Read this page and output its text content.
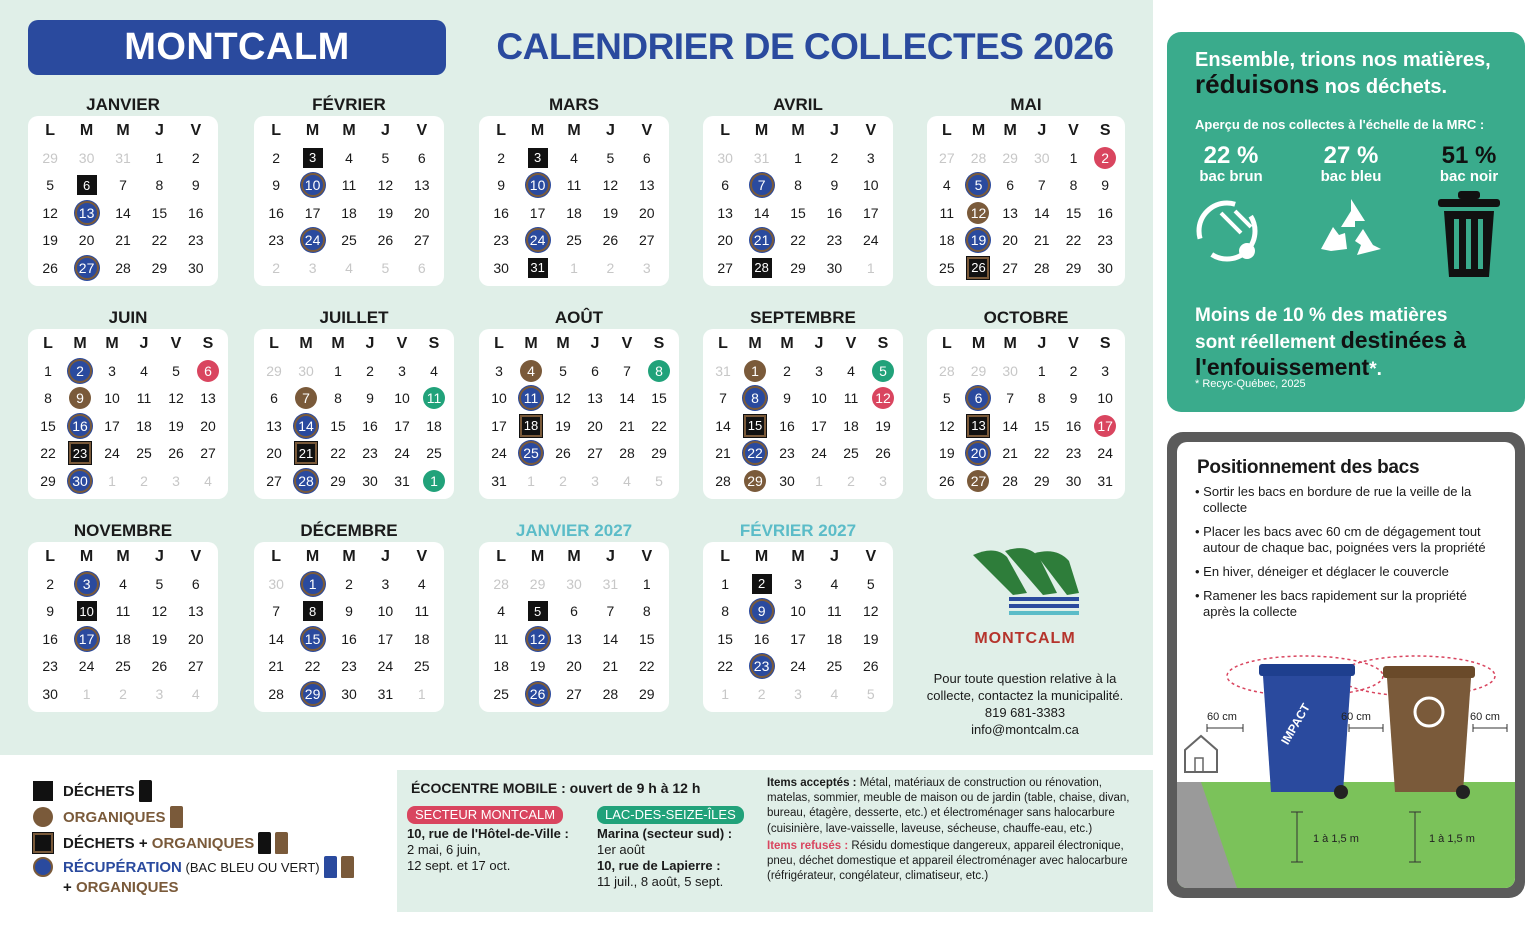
MONTCALM	CALENDRIER DE COLLECTES 2026
JANVIER
L	M	M	J	V
29	30	31	1	2
5	6	7	8	9
12	13	14	15	16
19	20	21	22	23
26	27	28	29	30
FÉVRIER
L	M	M	J	V
2	3	4	5	6
9	10	11	12	13
16	17	18	19	20
23	24	25	26	27
2	3	4	5	6
MARS
L	M	M	J	V
2	3	4	5	6
9	10	11	12	13
16	17	18	19	20
23	24	25	26	27
30	31	1	2	3
AVRIL
L	M	M	J	V
30	31	1	2	3
6	7	8	9	10
13	14	15	16	17
20	21	22	23	24
27	28	29	30	1
MAI
L	M	M	J	V	S
27	28	29	30	1	2
4	5	6	7	8	9
11	12	13	14	15	16
18	19	20	21	22	23
25	26	27	28	29	30
JUIN
L	M	M	J	V	S
1	2	3	4	5	6
8	9	10	11	12	13
15	16	17	18	19	20
22	23	24	25	26	27
29	30	1	2	3	4
JUILLET
L	M	M	J	V	S
29	30	1	2	3	4
6	7	8	9	10	11
13	14	15	16	17	18
20	21	22	23	24	25
27	28	29	30	31	1
AOÛT
L	M	M	J	V	S
3	4	5	6	7	8
10	11	12	13	14	15
17	18	19	20	21	22
24	25	26	27	28	29
31	1	2	3	4	5
SEPTEMBRE
L	M	M	J	V	S
31	1	2	3	4	5
7	8	9	10	11	12
14	15	16	17	18	19
21	22	23	24	25	26
28	29	30	1	2	3
OCTOBRE
L	M	M	J	V	S
28	29	30	1	2	3
5	6	7	8	9	10
12	13	14	15	16	17
19	20	21	22	23	24
26	27	28	29	30	31
NOVEMBRE
L	M	M	J	V
2	3	4	5	6
9	10	11	12	13
16	17	18	19	20
23	24	25	26	27
30	1	2	3	4
DÉCEMBRE
L	M	M	J	V
30	1	2	3	4
7	8	9	10	11
14	15	16	17	18
21	22	23	24	25
28	29	30	31	1
JANVIER 2027
L	M	M	J	V
28	29	30	31	1
4	5	6	7	8
11	12	13	14	15
18	19	20	21	22
25	26	27	28	29
FÉVRIER 2027
L	M	M	J	V
1	2	3	4	5
8	9	10	11	12
15	16	17	18	19
22	23	24	25	26
1	2	3	4	5
MONTCALM
Pour toute question relative à la
collecte, contactez la municipalité.
819 681-3383
info@montcalm.ca
DÉCHETS
ORGANIQUES
DÉCHETS + ORGANIQUES
RÉCUPÉRATION (BAC BLEU OU VERT)
+ ORGANIQUES
ÉCOCENTRE MOBILE : ouvert de 9 h à 12 h
SECTEUR MONTCALM
10, rue de l'Hôtel-de-Ville :
2 mai, 6 juin,
12 sept. et 17 oct.
LAC-DES-SEIZE-ÎLES
Marina (secteur sud) :
1er août
10, rue de Lapierre :
11 juil., 8 août, 5 sept.
Items acceptés : Métal, matériaux de construction ou rénovation, matelas, sommier, meuble de maison ou de jardin (table, chaise, divan, bureau, étagère, desserte, etc.) et électroménager sans halocarbure (cuisinière, lave-vaisselle, laveuse, sécheuse, chauffe-eau, etc.)
Items refusés : Résidu domestique dangereux, appareil électronique, pneu, déchet domestique et appareil électroménager avec halocarbure (réfrigérateur, congélateur, climatiseur, etc.)
Ensemble, trions nos matières,
réduisons nos déchets.
Aperçu de nos collectes à l'échelle de la MRC :
22 %
bac brun
27 %
bac bleu
51 %
bac noir
Moins de 10 % des matières
sont réellement destinées à
l'enfouissement*.
* Recyc-Québec, 2025
Positionnement des bacs
• Sortir les bacs en bordure de rue la veille de la collecte
• Placer les bacs avec 60 cm de dégagement tout autour de chaque bac, poignées vers la propriété
• En hiver, déneiger et déglacer le couvercle
• Ramener les bacs rapidement sur la propriété après la collecte
IMPACT
60 cm	60 cm	60 cm
1 à 1,5 m	1 à 1,5 m
